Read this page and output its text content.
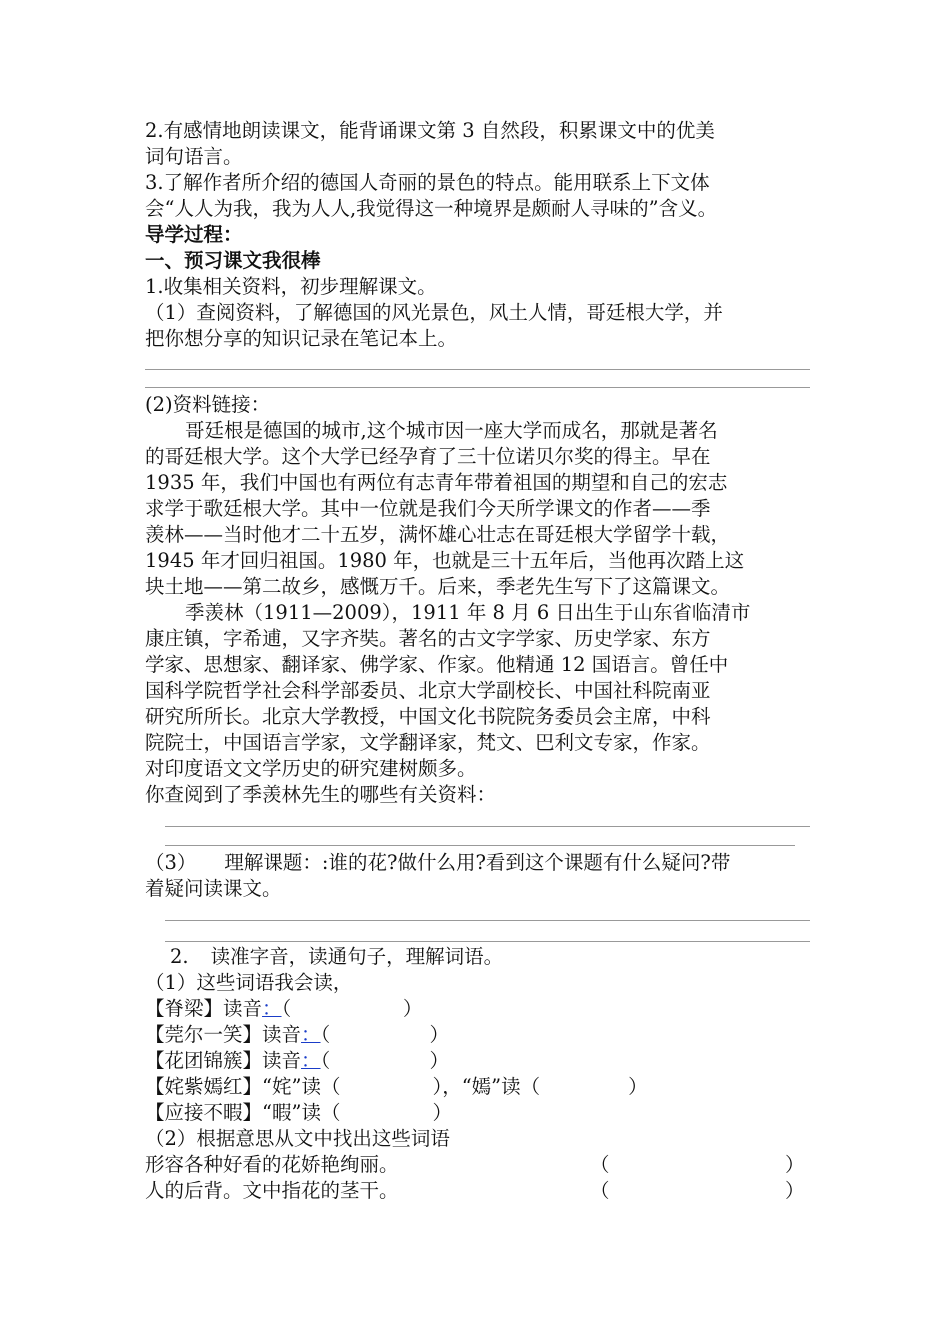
2.有感情地朗读课文，能背诵课文第 3 自然段，积累课文中的优美
词句语言。
3.了解作者所介绍的德国人奇丽的景色的特点。能用联系上下文体
会“人人为我，我为人人,我觉得这一种境界是颇耐人寻味的”含义。
导学过程：
一、预习课文我很棒
1.收集相关资料，初步理解课文。
（1）查阅资料，了解德国的风光景色，风土人情，哥廷根大学，并
把你想分享的知识记录在笔记本上。
(2)资料链接：
哥廷根是德国的城市,这个城市因一座大学而成名，那就是著名
的哥廷根大学。这个大学已经孕育了三十位诺贝尔奖的得主。早在
1935 年，我们中国也有两位有志青年带着祖国的期望和自己的宏志
求学于歌廷根大学。其中一位就是我们今天所学课文的作者——季
羡林——当时他才二十五岁，满怀雄心壮志在哥廷根大学留学十载，
1945 年才回归祖国。1980 年，也就是三十五年后，当他再次踏上这
块土地——第二故乡，感慨万千。后来，季老先生写下了这篇课文。
季羡林（1911—2009），1911 年 8 月 6 日出生于山东省临清市
康庄镇，字希逋，又字齐奘。著名的古文字学家、历史学家、东方
学家、思想家、翻译家、佛学家、作家。他精通 12 国语言。曾任中
国科学院哲学社会科学部委员、北京大学副校长、中国社科院南亚
研究所所长。北京大学教授，中国文化书院院务委员会主席，中科
院院士，中国语言学家，文学翻译家，梵文、巴利文专家，作家。
对印度语文文学历史的研究建树颇多。
你查阅到了季羡林先生的哪些有关资料：
（3） 理解课题：:谁的花?做什么用?看到这个课题有什么疑问?带
着疑问读课文。
2. 读准字音，读通句子，理解词语。
（1）这些词语我会读，
【脊梁】读音：（                  ）
【莞尔一笑】读音：（                ）
【花团锦簇】读音：（                ）
【姹紫嫣红】“姹”读（	），“嫣”读（	）
【应接不暇】“暇”读（	）
（2）根据意思从文中找出这些词语
形容各种好看的花娇艳绚丽。	（	）
人的后背。文中指花的茎干。	（	）
